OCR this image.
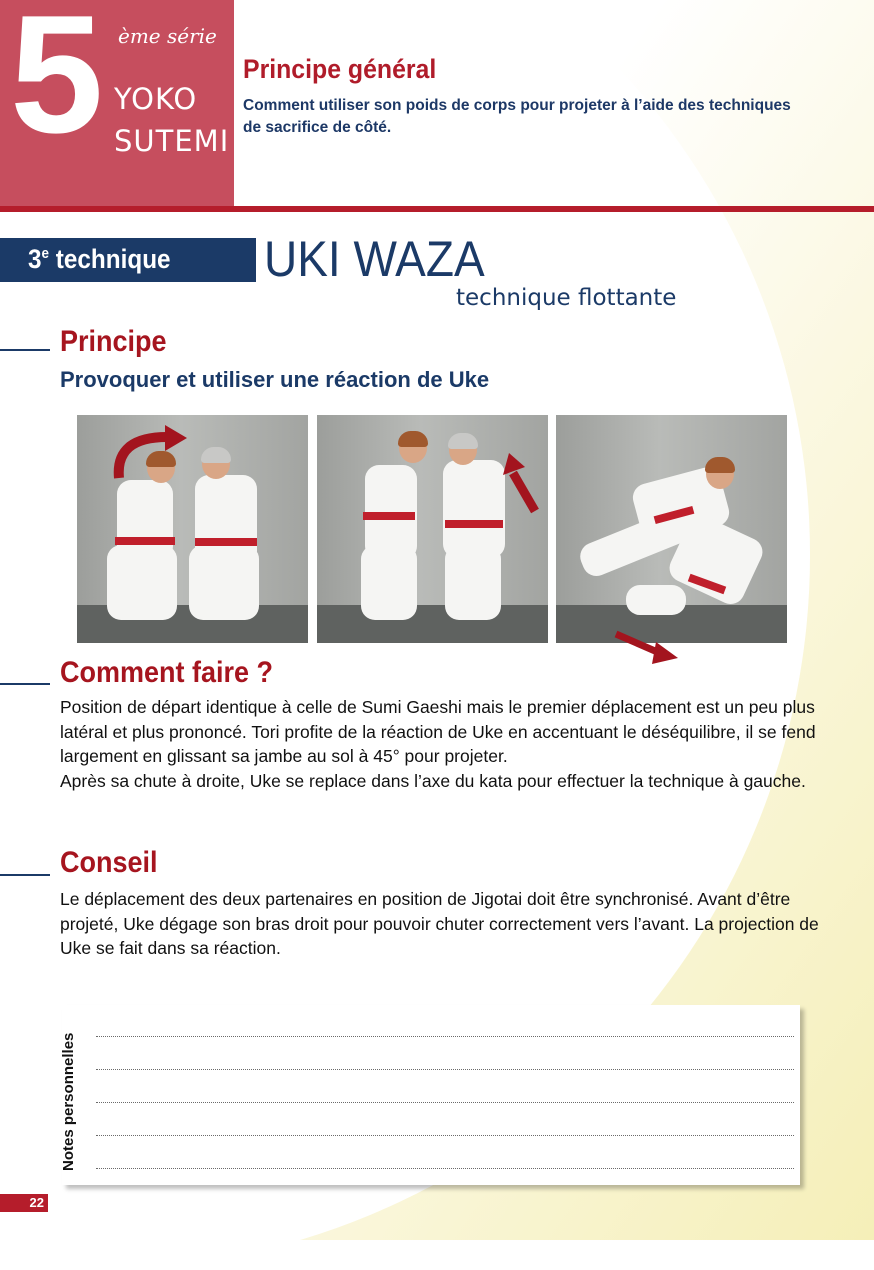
5 ème série
YOKO
SUTEMI
Principe général
Comment utiliser son poids de corps pour projeter à l’aide des techniques de sacrifice de côté.
3e technique UKI WAZA
technique flottante
Principe
Provoquer et utiliser une réaction de Uke
Comment faire ?

Position de départ identique à celle de Sumi Gaeshi mais le premier déplacement est un peu plus latéral et plus prononcé. Tori profite de la réaction de Uke en accentuant le déséquilibre, il se fend largement en glissant sa jambe au sol à 45° pour projeter.

Après sa chute à droite, Uke se replace dans l’axe du kata pour effectuer la technique à gauche.

Conseil

Le déplacement des deux partenaires en position de Jigotai doit être synchronisé. Avant d’être projeté, Uke dégage son bras droit pour pouvoir chuter correctement vers l’avant. La projection de Uke se fait dans sa réaction.

Notes personnelles
22
